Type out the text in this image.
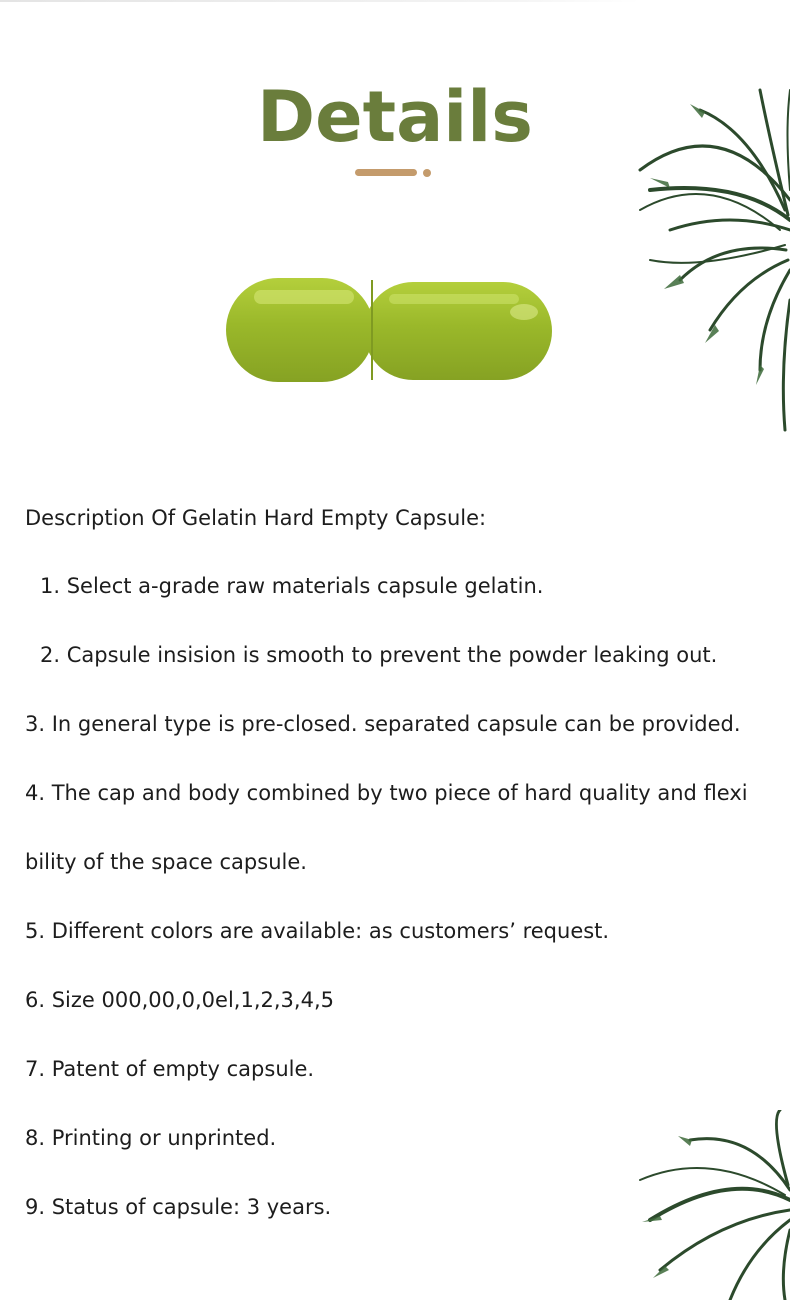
Details

Description Of Gelatin Hard Empty Capsule:

1. Select a-grade raw materials capsule gelatin.

2. Capsule insision is smooth to prevent the powder leaking out.

3. In general type is pre-closed. separated capsule can be provided.

4. The cap and body combined by two piece of hard quality and flexi

bility of the space capsule.

5. Different colors are available: as customers’ request.

6. Size 000,00,0,0el,1,2,3,4,5

7. Patent of empty capsule.

8. Printing or unprinted.

9. Status of capsule: 3 years.
